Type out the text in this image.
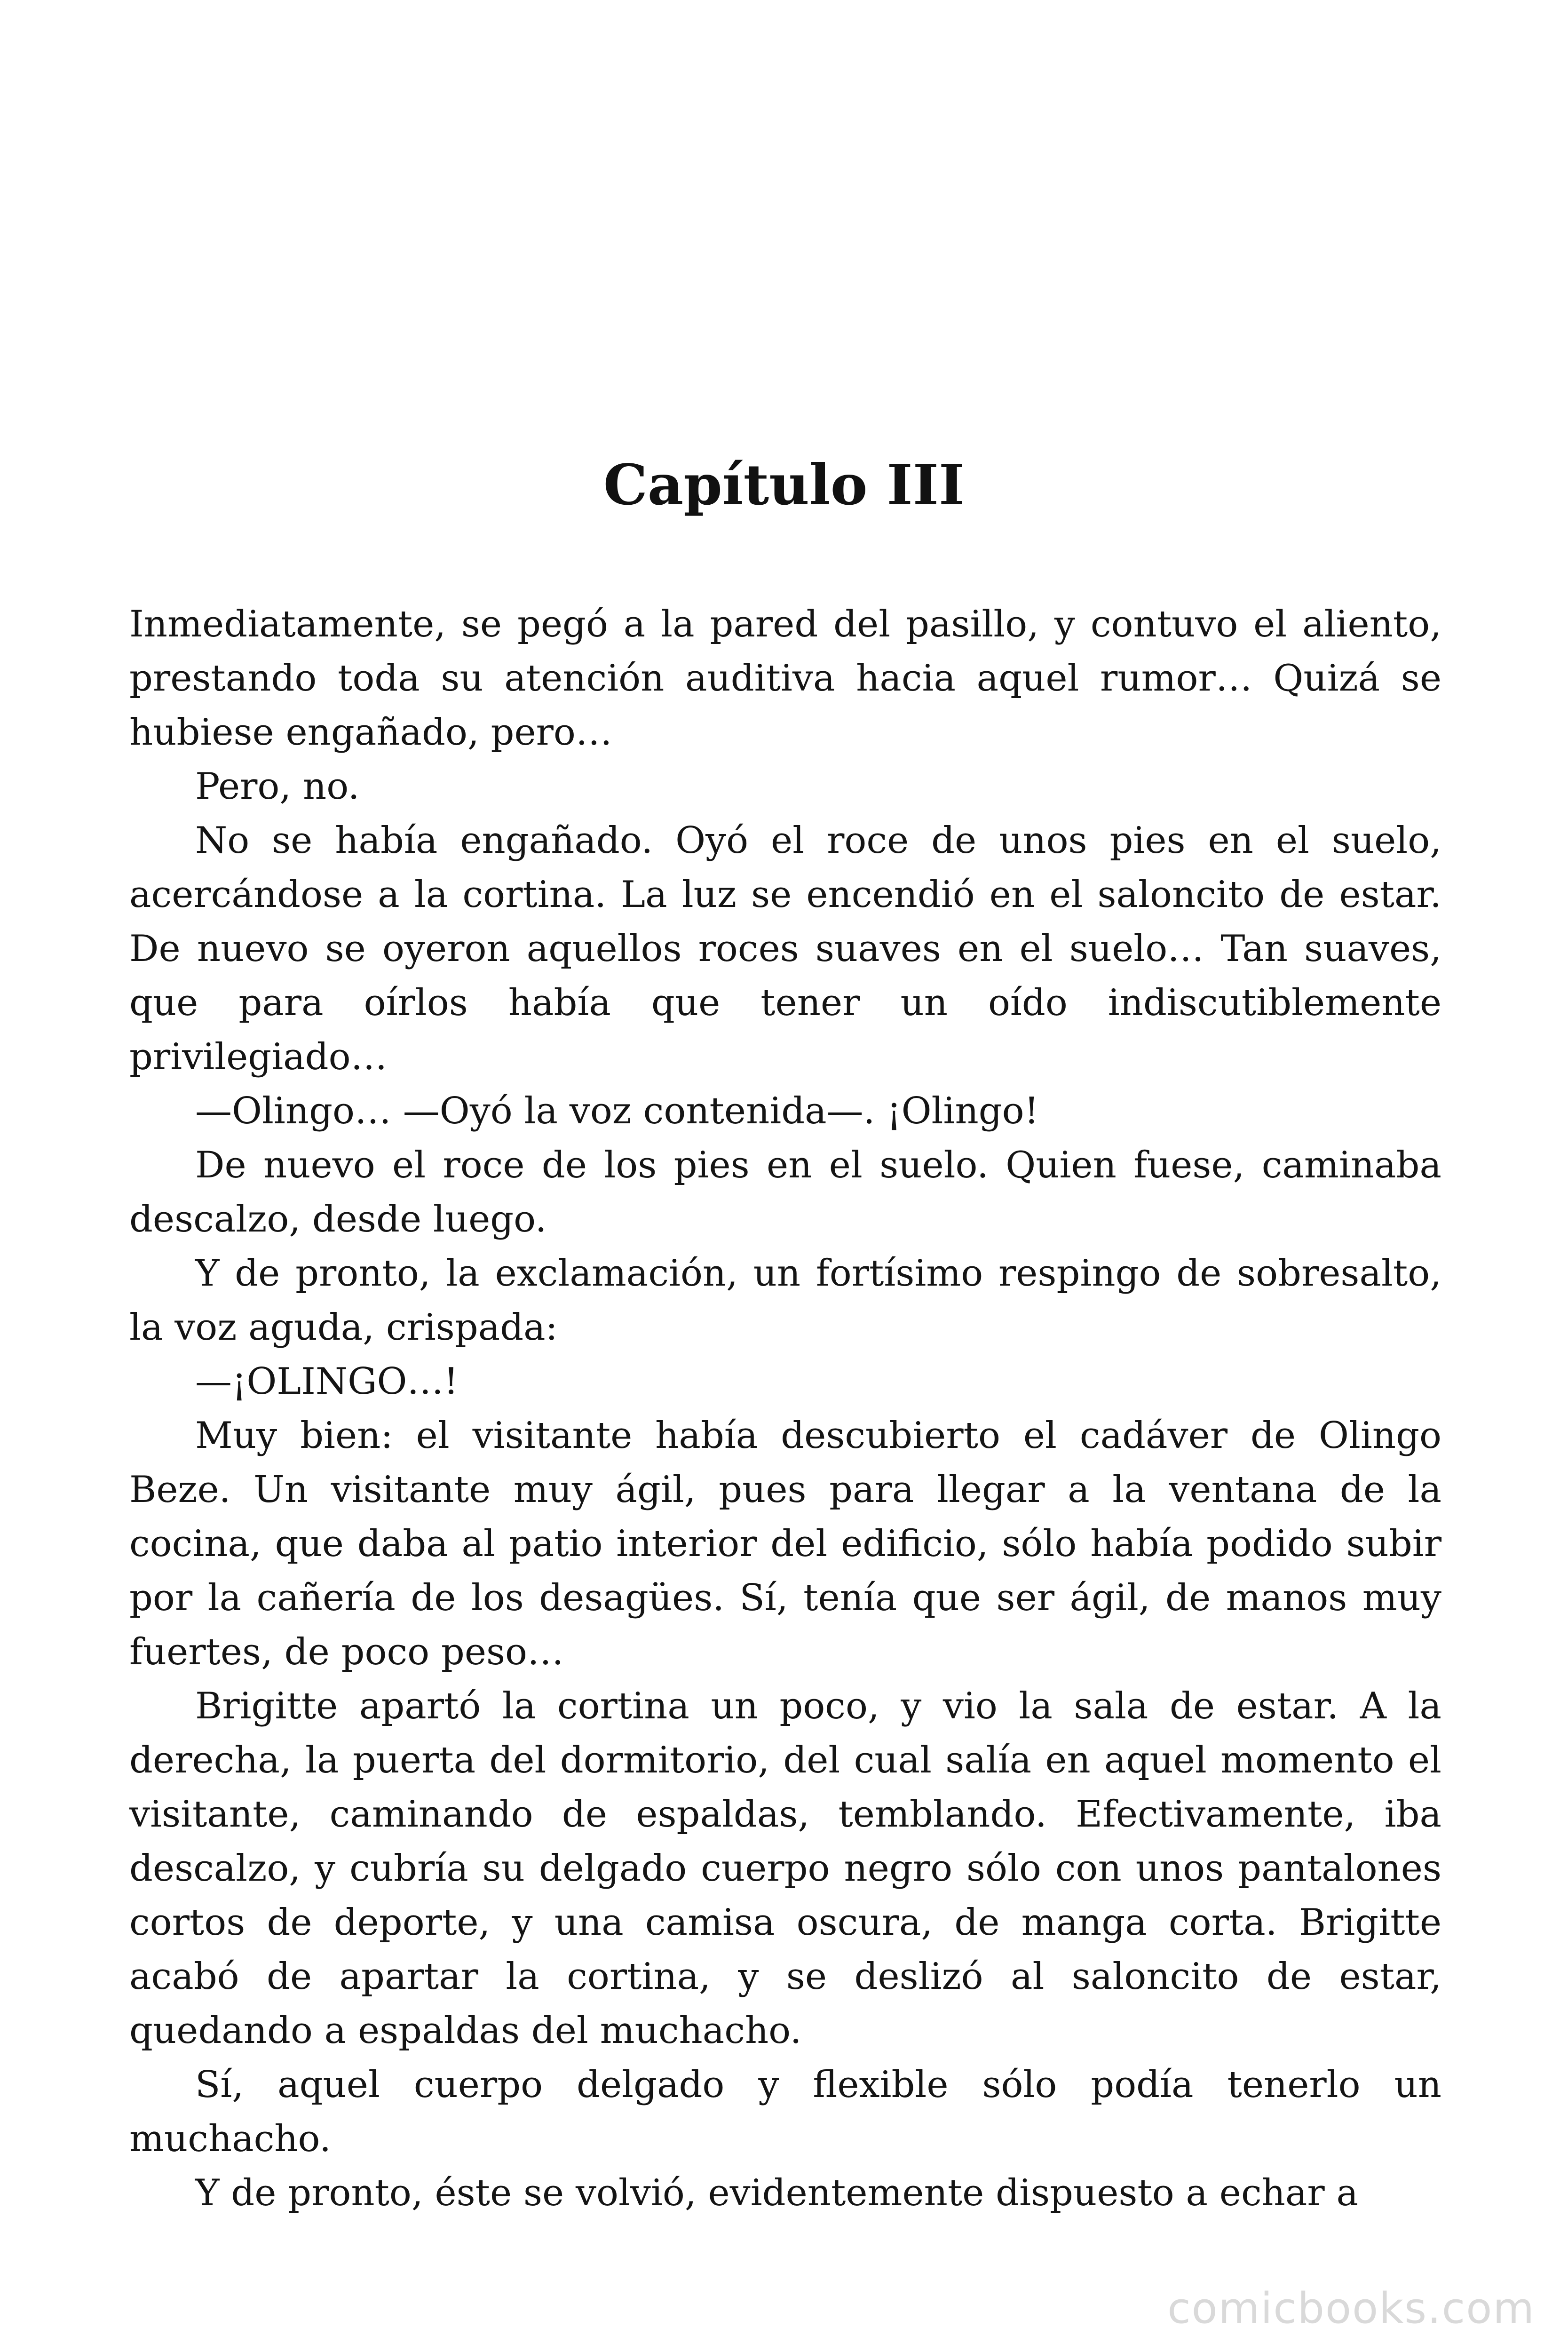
Capítulo III

Inmediatamente, se pegó a la pared del pasillo, y contuvo el aliento, prestando toda su atención auditiva hacia aquel rumor… Quizá se hubiese engañado, pero…

Pero, no.

No se había engañado. Oyó el roce de unos pies en el suelo, acercándose a la cortina. La luz se encendió en el saloncito de estar. De nuevo se oyeron aquellos roces suaves en el suelo… Tan suaves, que para oírlos había que tener un oído indiscutiblemente privilegiado…

—Olingo… —Oyó la voz contenida—. ¡Olingo!

De nuevo el roce de los pies en el suelo. Quien fuese, caminaba descalzo, desde luego.

Y de pronto, la exclamación, un fortísimo respingo de sobresalto, la voz aguda, crispada:

—¡OLINGO…!

Muy bien: el visitante había descubierto el cadáver de Olingo Beze. Un visitante muy ágil, pues para llegar a la ventana de la cocina, que daba al patio interior del edificio, sólo había podido subir por la cañería de los desagües. Sí, tenía que ser ágil, de manos muy fuertes, de poco peso…

Brigitte apartó la cortina un poco, y vio la sala de estar. A la derecha, la puerta del dormitorio, del cual salía en aquel momento el visitante, caminando de espaldas, temblando. Efectivamente, iba descalzo, y cubría su delgado cuerpo negro sólo con unos pantalones cortos de deporte, y una camisa oscura, de manga corta. Brigitte acabó de apartar la cortina, y se deslizó al saloncito de estar, quedando a espaldas del muchacho.

Sí, aquel cuerpo delgado y flexible sólo podía tenerlo un muchacho.

Y de pronto, éste se volvió, evidentemente dispuesto a echar a

comicbooks.com
